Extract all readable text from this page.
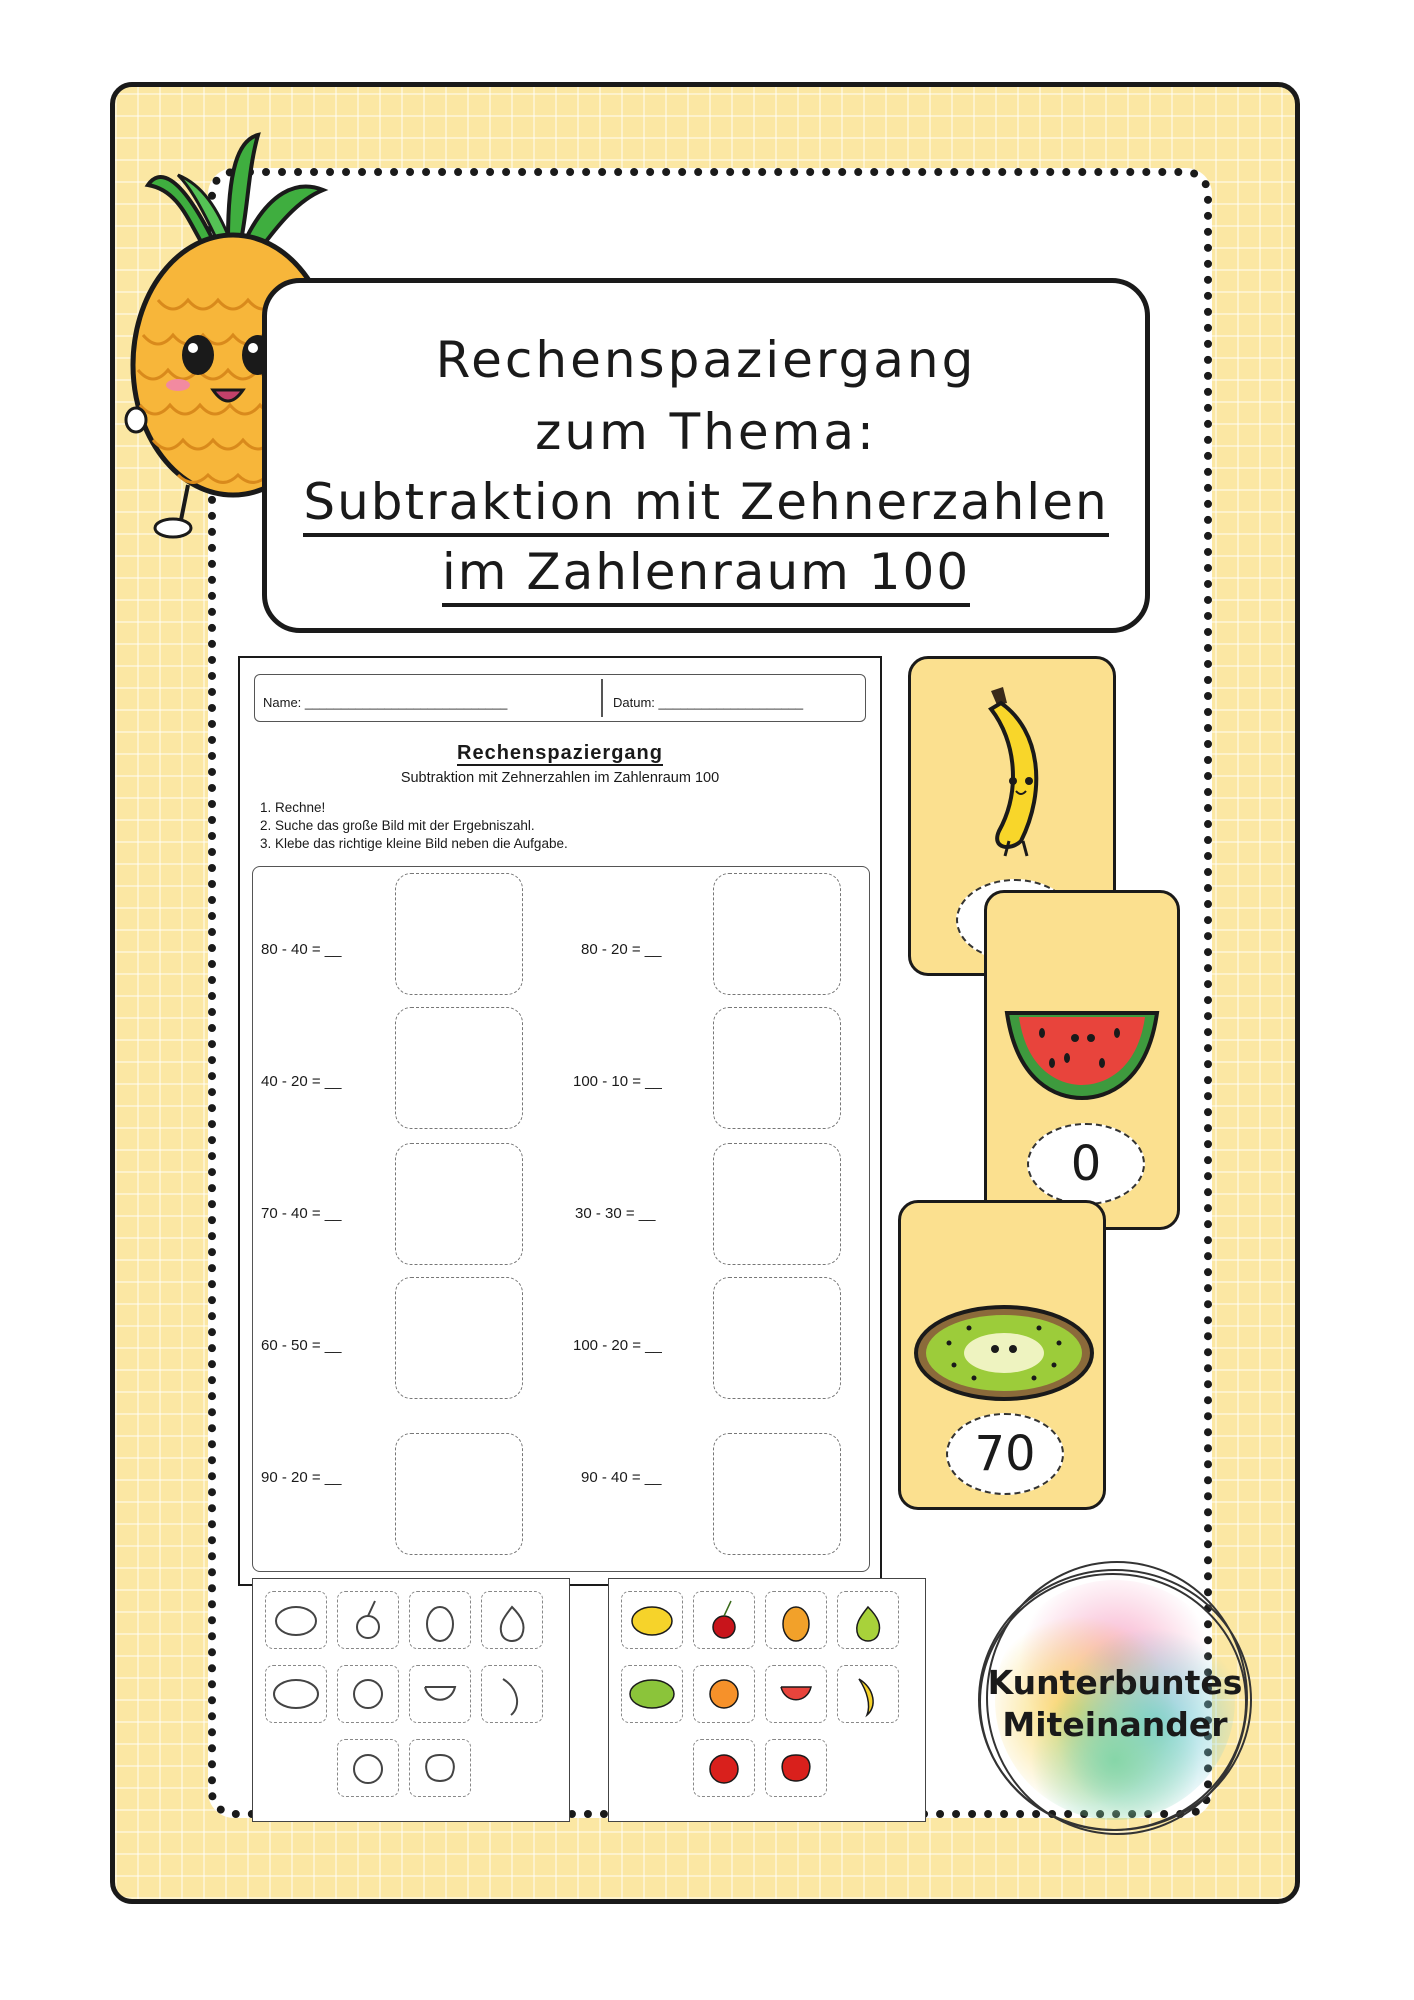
Rechenspaziergang
zum Thema:
Subtraktion mit Zehnerzahlen
im Zahlenraum 100
Name: ____________________________	Datum: ____________________
Rechenspaziergang
Subtraktion mit Zehnerzahlen im Zahlenraum 100
1. Rechne!
2. Suche das große Bild mit der Ergebniszahl.
3. Klebe das richtige kleine Bild neben die Aufgabe.
80 - 40 = __
40 - 20 = __
70 - 40 = __
60 - 50 = __
90 - 20 = __
80 - 20 = __
100 - 10 = __
30 - 30 = __
100 - 20 = __
90 - 40 = __
0
70
Kunterbuntes
Miteinander
